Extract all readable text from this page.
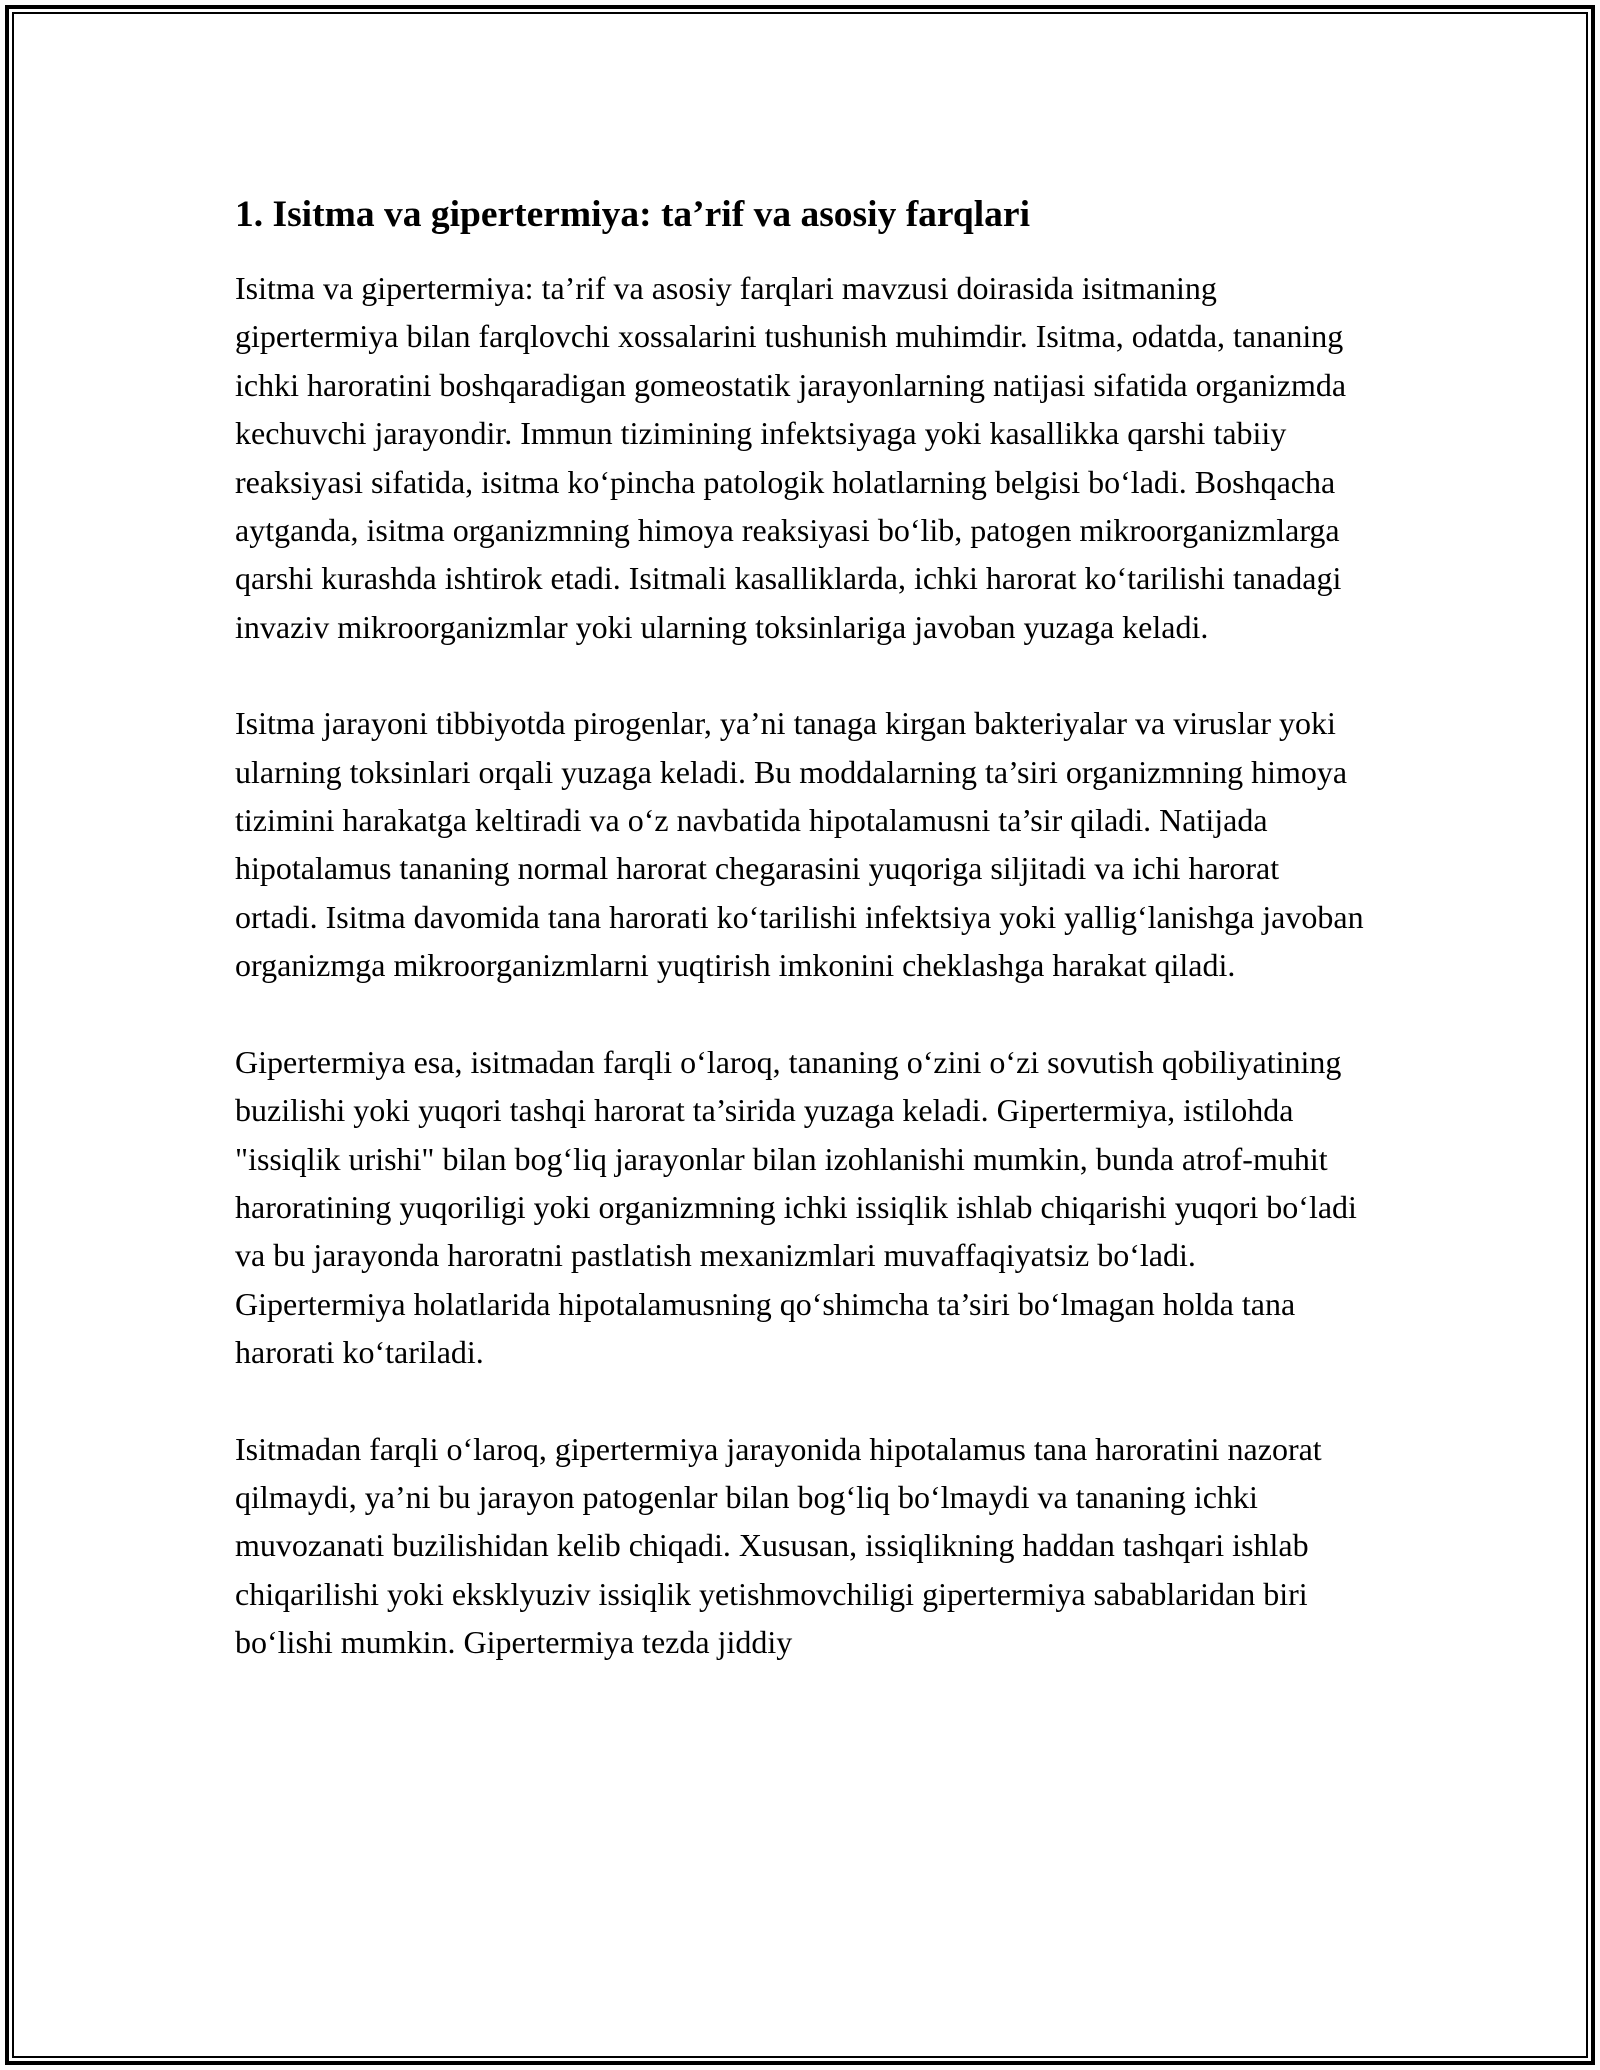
1. Isitma va gipertermiya: ta’rif va asosiy farqlari

Isitma va gipertermiya: ta’rif va asosiy farqlari mavzusi doirasida isitmaning gipertermiya bilan farqlovchi xossalarini tushunish muhimdir. Isitma, odatda, tananing ichki haroratini boshqaradigan gomeostatik jarayonlarning natijasi sifatida organizmda kechuvchi jarayondir. Immun tizimining infektsiyaga yoki kasallikka qarshi tabiiy reaksiyasi sifatida, isitma ko‘pincha patologik holatlarning belgisi bo‘ladi. Boshqacha aytganda, isitma organizmning himoya reaksiyasi bo‘lib, patogen mikroorganizmlarga qarshi kurashda ishtirok etadi. Isitmali kasalliklarda, ichki harorat ko‘tarilishi tanadagi invaziv mikroorganizmlar yoki ularning toksinlariga javoban yuzaga keladi.

Isitma jarayoni tibbiyotda pirogenlar, ya’ni tanaga kirgan bakteriyalar va viruslar yoki ularning toksinlari orqali yuzaga keladi. Bu moddalarning ta’siri organizmning himoya tizimini harakatga keltiradi va o‘z navbatida hipotalamusni ta’sir qiladi. Natijada hipotalamus tananing normal harorat chegarasini yuqoriga siljitadi va ichi harorat ortadi. Isitma davomida tana harorati ko‘tarilishi infektsiya yoki yallig‘lanishga javoban organizmga mikroorganizmlarni yuqtirish imkonini cheklashga harakat qiladi.

Gipertermiya esa, isitmadan farqli o‘laroq, tananing o‘zini o‘zi sovutish qobiliyatining buzilishi yoki yuqori tashqi harorat ta’sirida yuzaga keladi. Gipertermiya, istilohda "issiqlik urishi" bilan bog‘liq jarayonlar bilan izohlanishi mumkin, bunda atrof-muhit haroratining yuqoriligi yoki organizmning ichki issiqlik ishlab chiqarishi yuqori bo‘ladi va bu jarayonda haroratni pastlatish mexanizmlari muvaffaqiyatsiz bo‘ladi. Gipertermiya holatlarida hipotalamusning qo‘shimcha ta’siri bo‘lmagan holda tana harorati ko‘tariladi.

Isitmadan farqli o‘laroq, gipertermiya jarayonida hipotalamus tana haroratini nazorat qilmaydi, ya’ni bu jarayon patogenlar bilan bog‘liq bo‘lmaydi va tananing ichki muvozanati buzilishidan kelib chiqadi. Xususan, issiqlikning haddan tashqari ishlab chiqarilishi yoki eksklyuziv issiqlik yetishmovchiligi gipertermiya sabablaridan biri bo‘lishi mumkin. Gipertermiya tezda jiddiy
